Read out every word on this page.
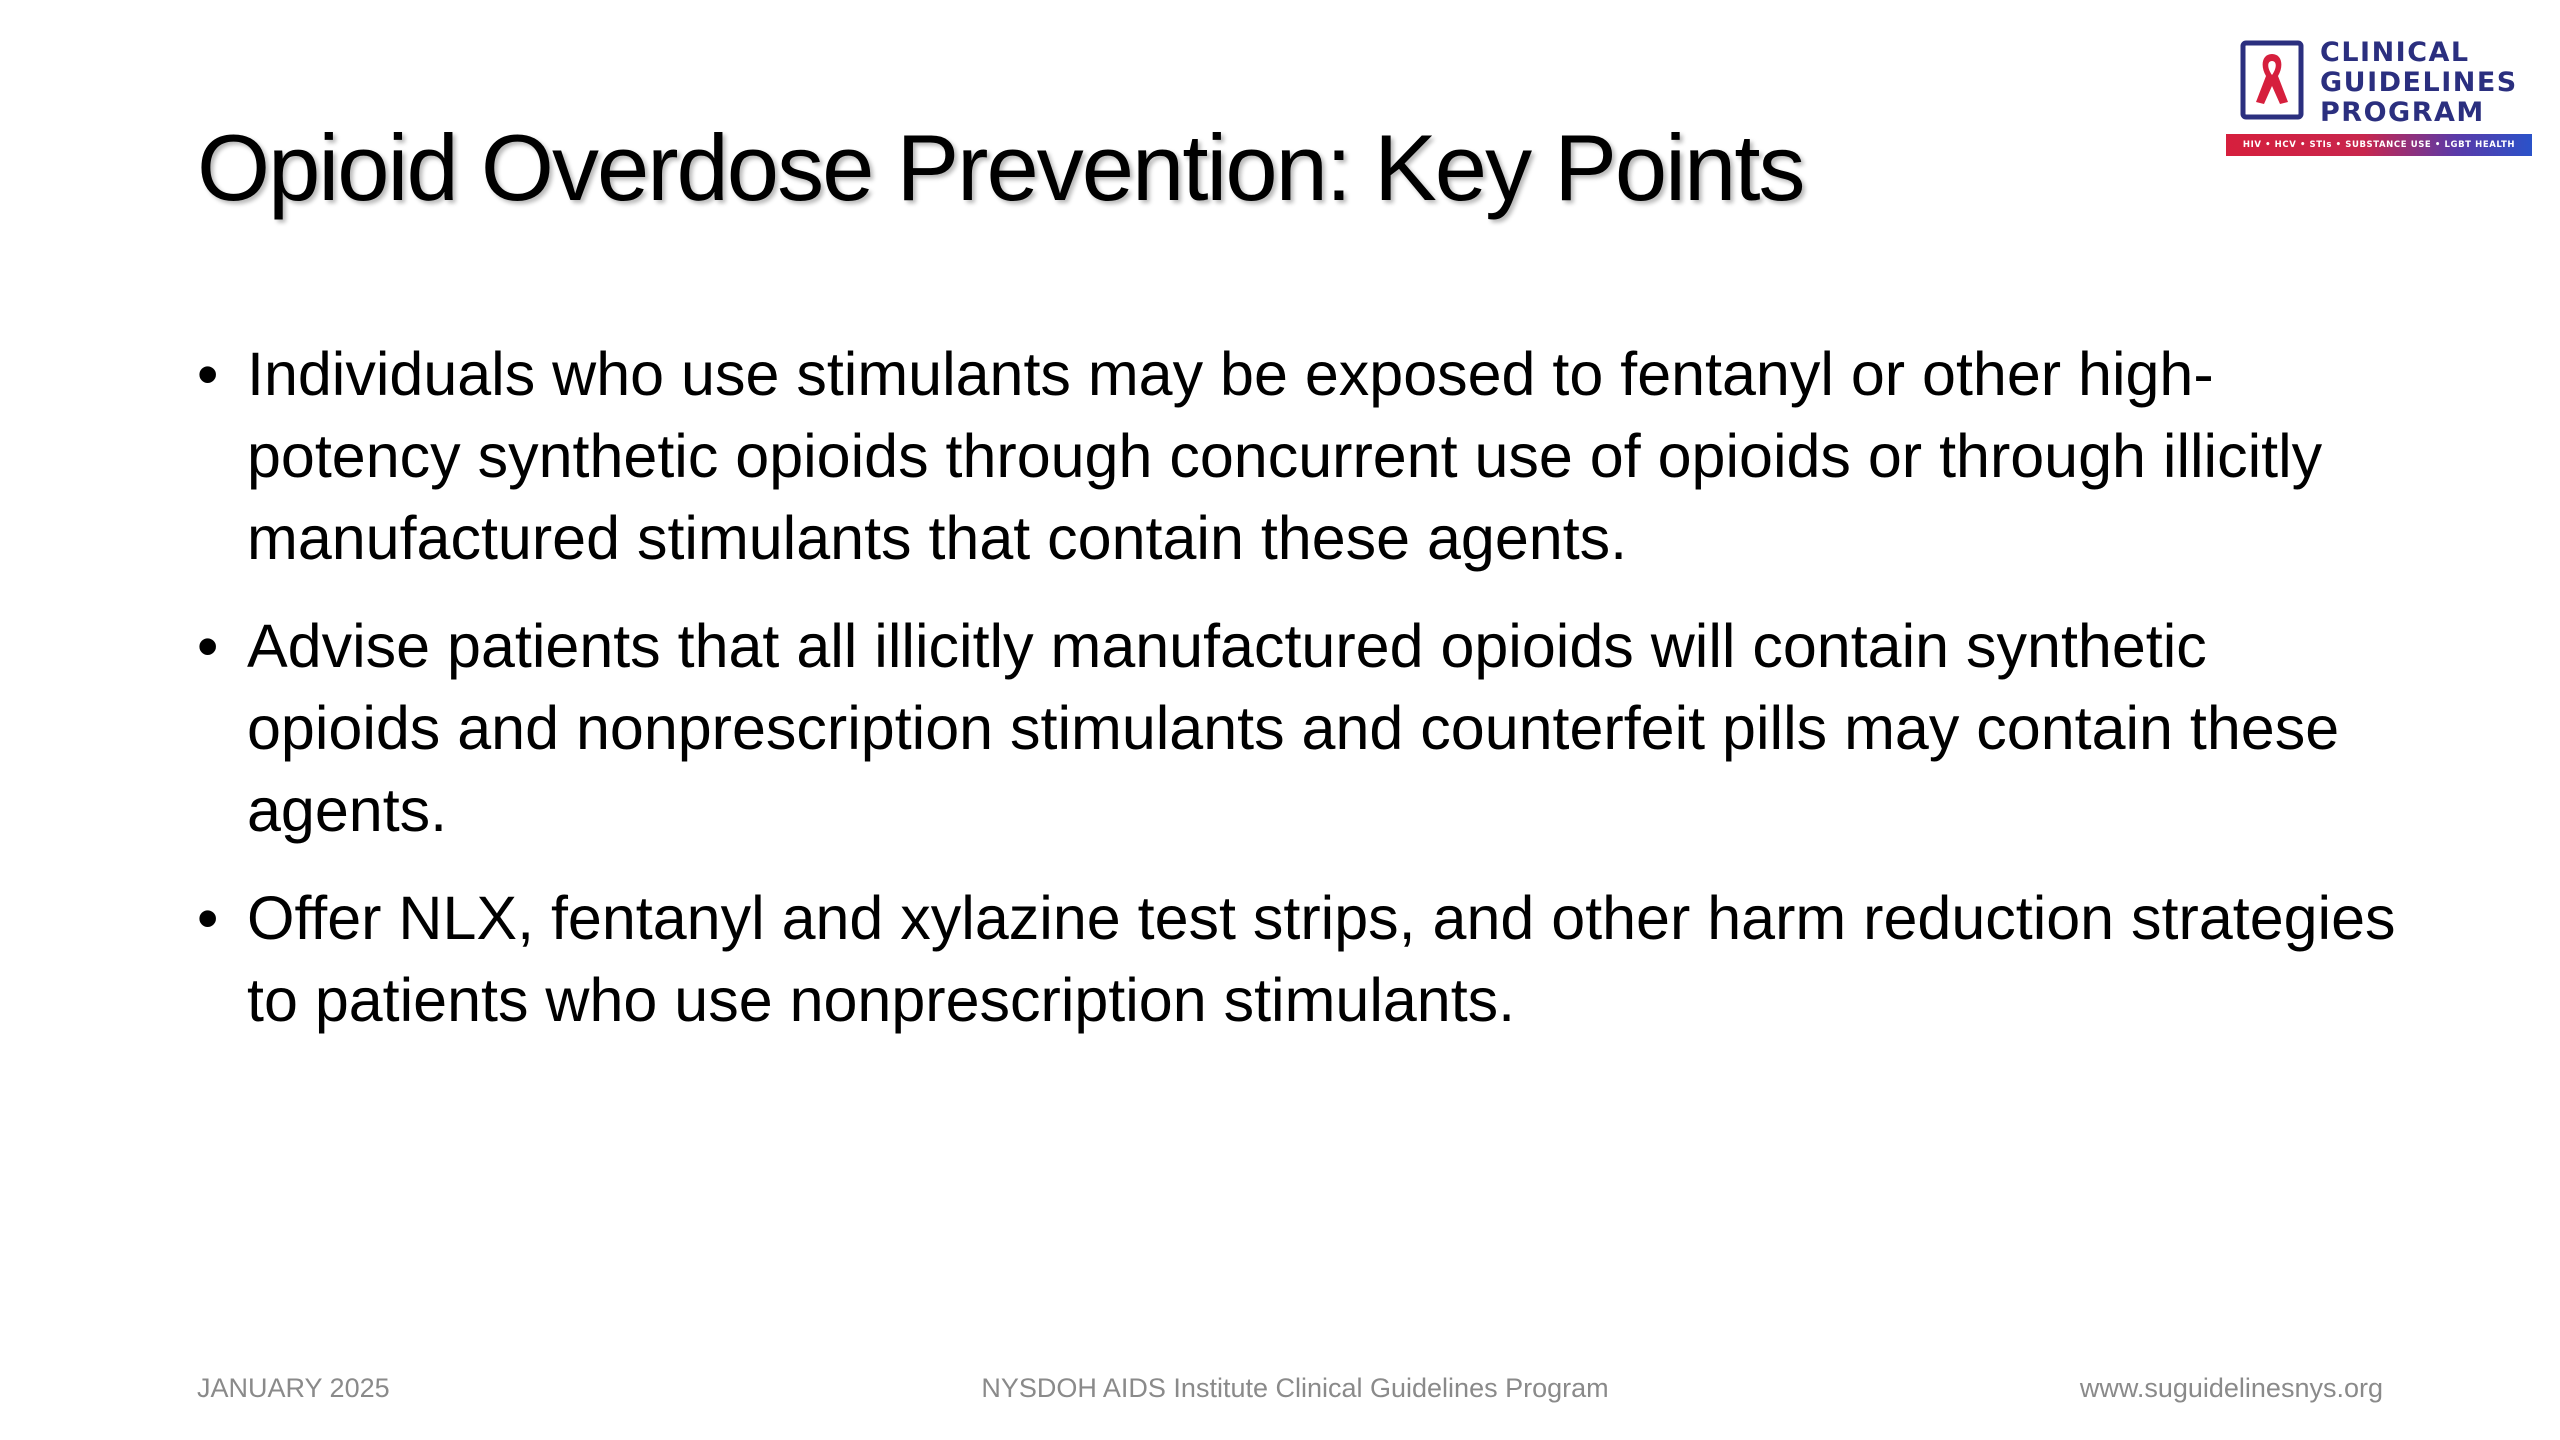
Opioid Overdose Prevention: Key Points
CLINICAL
GUIDELINES
PROGRAM
HIV • HCV • STIs • SUBSTANCE USE • LGBT HEALTH
• Individuals who use stimulants may be exposed to fentanyl or other high-potency synthetic opioids through concurrent use of opioids or through illicitly manufactured stimulants that contain these agents.
• Advise patients that all illicitly manufactured opioids will contain synthetic opioids and nonprescription stimulants and counterfeit pills may contain these agents.
• Offer NLX, fentanyl and xylazine test strips, and other harm reduction strategies to patients who use nonprescription stimulants.
JANUARY 2025	NYSDOH AIDS Institute Clinical Guidelines Program	www.suguidelinesnys.org
